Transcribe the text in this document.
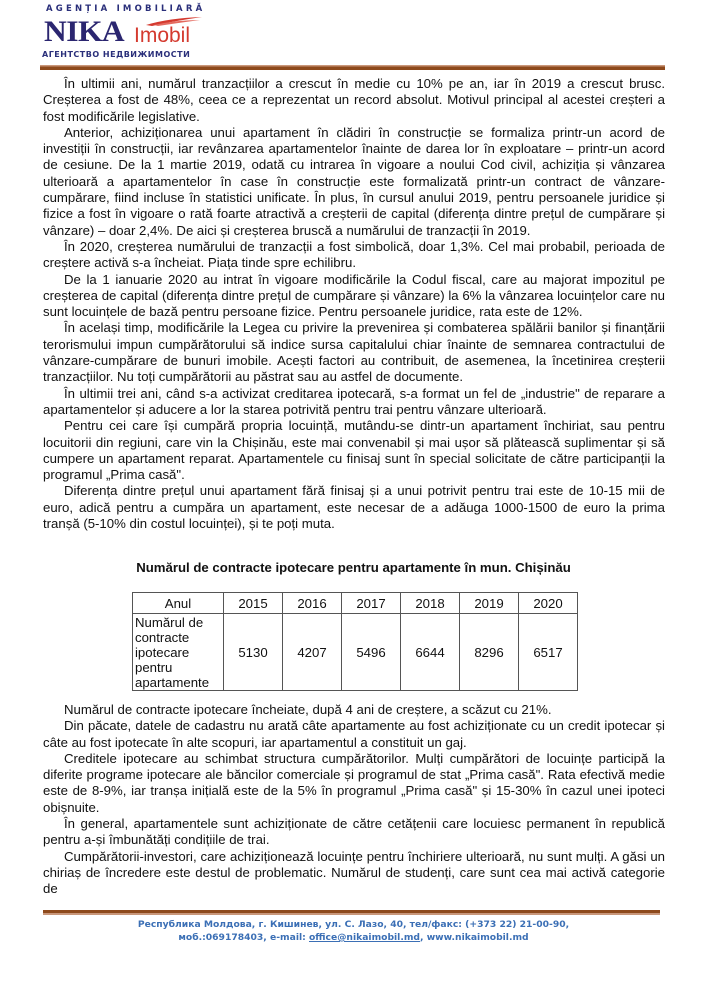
AGENȚIA IMOBILIARĂ
NIKA Imobil
АГЕНТСТВО НЕДВИЖИМОСТИ

În ultimii ani, numărul tranzacțiilor a crescut în medie cu 10% pe an, iar în 2019 a crescut brusc. Creșterea a fost de 48%, ceea ce a reprezentat un record absolut. Motivul principal al acestei creșteri a fost modificările legislative.

Anterior, achiziționarea unui apartament în clădiri în construcție se formaliza printr-un acord de investiții în construcții, iar revânzarea apartamentelor înainte de darea lor în exploatare – printr-un acord de cesiune. De la 1 martie 2019, odată cu intrarea în vigoare a noului Cod civil, achiziția și vânzarea ulterioară a apartamentelor în case în construcție este formalizată printr-un contract de vânzare-cumpărare, fiind incluse în statistici unificate. În plus, în cursul anului 2019, pentru persoanele juridice și fizice a fost în vigoare o rată foarte atractivă a creșterii de capital (diferența dintre prețul de cumpărare și vânzare) – doar 2,4%. De aici și creșterea bruscă a numărului de tranzacții în 2019.

În 2020, creșterea numărului de tranzacții a fost simbolică, doar 1,3%. Cel mai probabil, perioada de creștere activă s-a încheiat. Piața tinde spre echilibru.

De la 1 ianuarie 2020 au intrat în vigoare modificările la Codul fiscal, care au majorat impozitul pe creșterea de capital (diferența dintre prețul de cumpărare și vânzare) la 6% la vânzarea locuințelor care nu sunt locuințele de bază pentru persoane fizice. Pentru persoanele juridice, rata este de 12%.

În același timp, modificările la Legea cu privire la prevenirea și combaterea spălării banilor și finanțării terorismului impun cumpărătorului să indice sursa capitalului chiar înainte de semnarea contractului de vânzare-cumpărare de bunuri imobile. Acești factori au contribuit, de asemenea, la încetinirea creșterii tranzacțiilor. Nu toți cumpărătorii au păstrat sau au astfel de documente.

În ultimii trei ani, când s-a activizat creditarea ipotecară, s-a format un fel de „industrie" de reparare a apartamentelor și aducere a lor la starea potrivită pentru trai pentru vânzare ulterioară.

Pentru cei care își cumpără propria locuință, mutându-se dintr-un apartament închiriat, sau pentru locuitorii din regiuni, care vin la Chișinău, este mai convenabil și mai ușor să plătească suplimentar și să cumpere un apartament reparat. Apartamentele cu finisaj sunt în special solicitate de către participanții la programul „Prima casă".

Diferența dintre prețul unui apartament fără finisaj și a unui potrivit pentru trai este de 10-15 mii de euro, adică pentru a cumpăra un apartament, este necesar de a adăuga 1000-1500 de euro la prima tranșă (5-10% din costul locuinței), și te poți muta.

Numărul de contracte ipotecare pentru apartamente în mun. Chișinău
Anul	2015	2016	2017	2018	2019	2020
Numărul de contracte ipotecare pentru apartamente	5130	4207	5496	6644	8296	6517

Numărul de contracte ipotecare încheiate, după 4 ani de creștere, a scăzut cu 21%.

Din păcate, datele de cadastru nu arată câte apartamente au fost achiziționate cu un credit ipotecar și câte au fost ipotecate în alte scopuri, iar apartamentul a constituit un gaj.

Creditele ipotecare au schimbat structura cumpărătorilor. Mulți cumpărători de locuințe participă la diferite programe ipotecare ale băncilor comerciale și programul de stat „Prima casă". Rata efectivă medie este de 8-9%, iar tranșa inițială este de la 5% în programul „Prima casă" și 15-30% în cazul unei ipoteci obișnuite.

În general, apartamentele sunt achiziționate de către cetățenii care locuiesc permanent în republică pentru a-și îmbunătăți condițiile de trai.

Cumpărătorii-investori, care achiziționează locuințe pentru închiriere ulterioară, nu sunt mulți. A găsi un chiriaș de încredere este destul de problematic. Numărul de studenți, care sunt cea mai activă categorie de

Республика Молдова, г. Кишинев, ул. С. Лазо, 40, тел/факс: (+373 22) 21-00-90,
моб.:069178403, e-mail: office@nikaimobil.md, www.nikaimobil.md
